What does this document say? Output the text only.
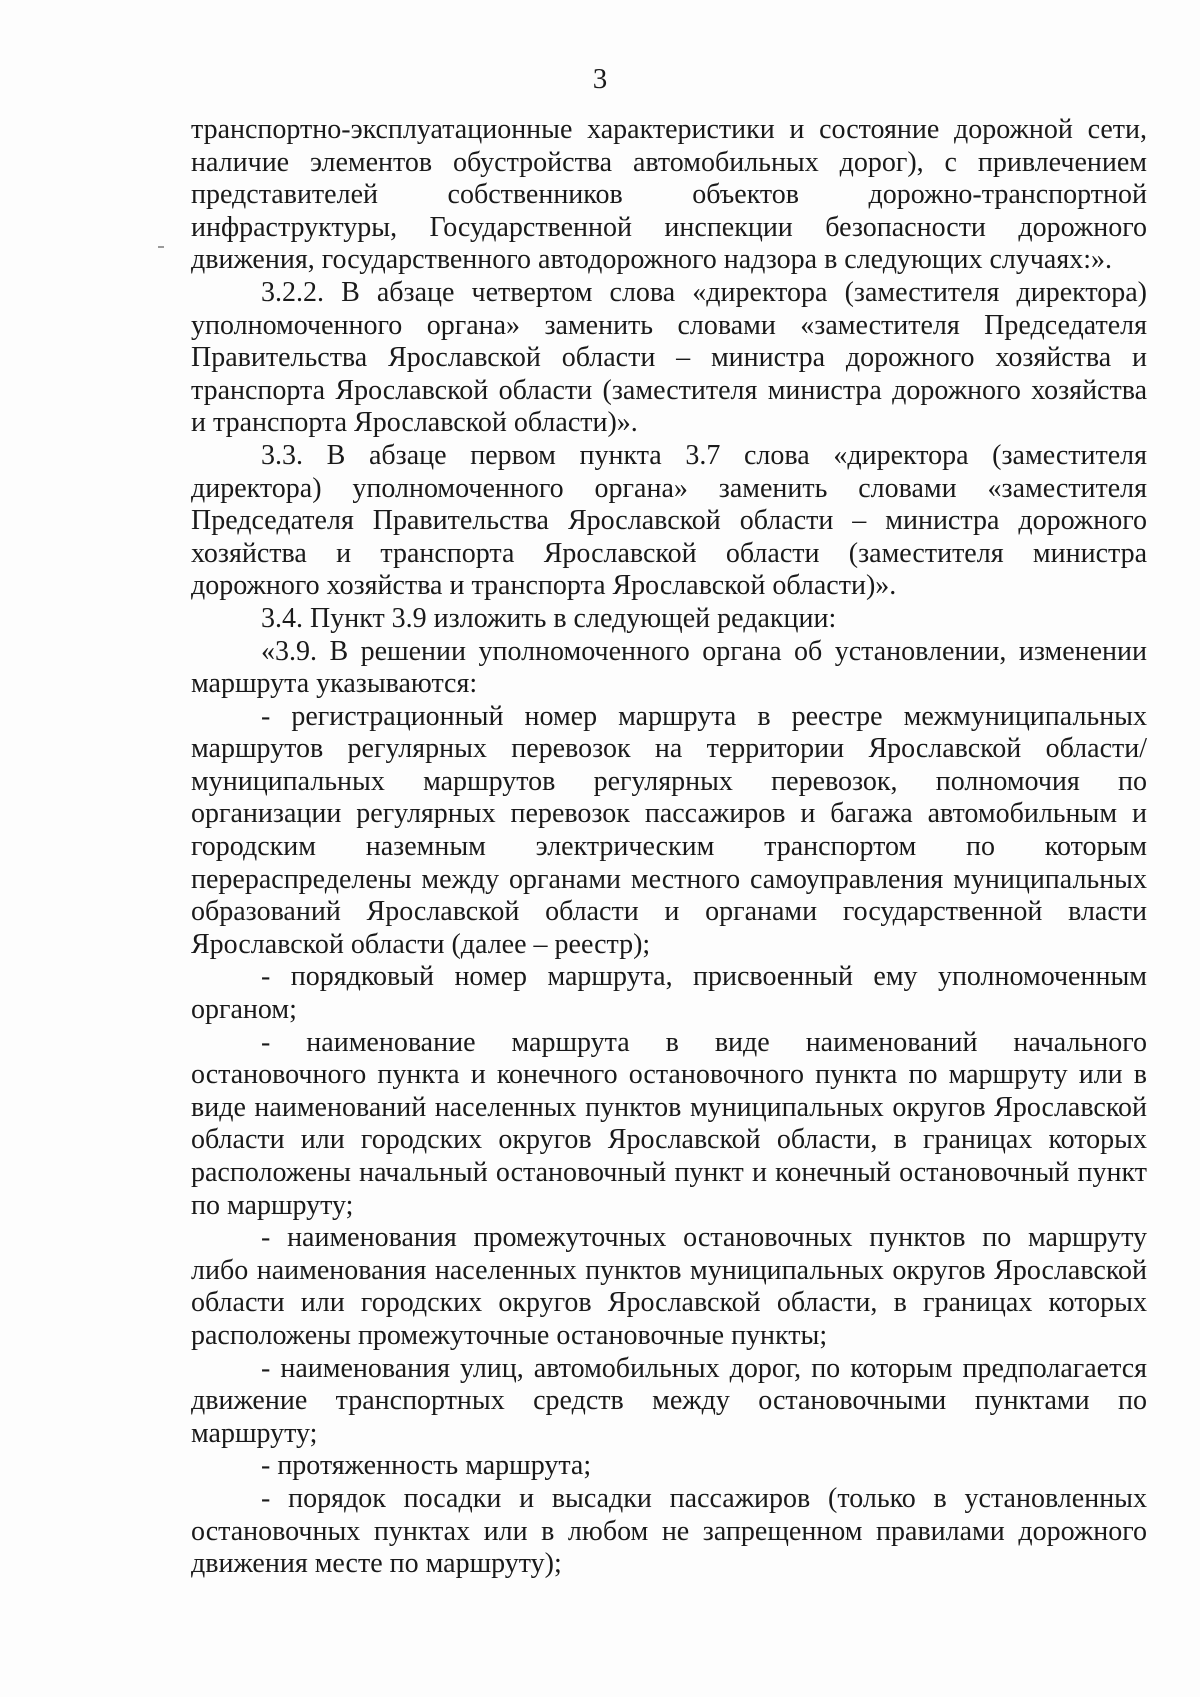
3

транспортно-эксплуатационные характеристики и состояние дорожной сети, наличие элементов обустройства автомобильных дорог), с привлечением представителей собственников объектов дорожно-транспортной инфраструктуры, Государственной инспекции безопасности дорожного движения, государственного автодорожного надзора в следующих случаях:».

3.2.2. В абзаце четвертом слова «директора (заместителя директора) уполномоченного органа» заменить словами «заместителя Председателя Правительства Ярославской области – министра дорожного хозяйства и транспорта Ярославской области (заместителя министра дорожного хозяйства и транспорта Ярославской области)».

3.3. В абзаце первом пункта 3.7 слова «директора (заместителя директора) уполномоченного органа» заменить словами «заместителя Председателя Правительства Ярославской области – министра дорожного хозяйства и транспорта Ярославской области (заместителя министра дорожного хозяйства и транспорта Ярославской области)».

3.4. Пункт 3.9 изложить в следующей редакции:

«3.9. В решении уполномоченного органа об установлении, изменении маршрута указываются:

- регистрационный номер маршрута в реестре межмуниципальных маршрутов регулярных перевозок на территории Ярославской области/ муниципальных маршрутов регулярных перевозок, полномочия по организации регулярных перевозок пассажиров и багажа автомобильным и городским наземным электрическим транспортом по которым перераспределены между органами местного самоуправления муниципальных образований Ярославской области и органами государственной власти Ярославской области (далее – реестр);

- порядковый номер маршрута, присвоенный ему уполномоченным органом;

- наименование маршрута в виде наименований начального остановочного пункта и конечного остановочного пункта по маршруту или в виде наименований населенных пунктов муниципальных округов Ярославской области или городских округов Ярославской области, в границах которых расположены начальный остановочный пункт и конечный остановочный пункт по маршруту;

- наименования промежуточных остановочных пунктов по маршруту либо наименования населенных пунктов муниципальных округов Ярославской области или городских округов Ярославской области, в границах которых расположены промежуточные остановочные пункты;

- наименования улиц, автомобильных дорог, по которым предполагается движение транспортных средств между остановочными пунктами по маршруту;

- протяженность маршрута;

- порядок посадки и высадки пассажиров (только в установленных остановочных пунктах или в любом не запрещенном правилами дорожного движения месте по маршруту);
